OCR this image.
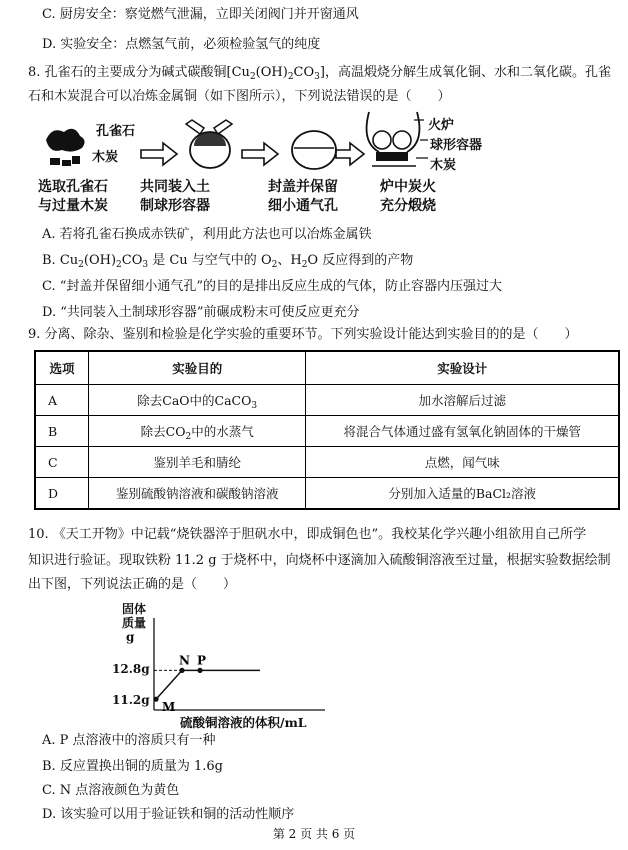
C. 厨房安全：察觉燃气泄漏，立即关闭阀门并开窗通风
D. 实验安全：点燃氢气前，必须检验氢气的纯度
8. 孔雀石的主要成分为碱式碳酸铜$[Cu_2(OH)_2CO_3]$，高温煅烧分解生成氧化铜、水和二氧化碳。孔雀
石和木炭混合可以冶炼金属铜（如下图所示），下列说法错误的是（　　）
孔雀石
木炭
火炉
球形容器
木炭
选取孔雀石
与过量木炭
共同装入土
制球形容器
封盖并保留
细小通气孔
炉中炭火
充分煅烧
A. 若将孔雀石换成赤铁矿，利用此方法也可以冶炼金属铁
B. $Cu_2(OH)_2CO_3$ 是 Cu 与空气中的 $O_2$、$H_2O$ 反应得到的产物
C. “封盖并保留细小通气孔”的目的是排出反应生成的气体，防止容器内压强过大
D. “共同装入土制球形容器”前碾成粉末可使反应更充分
9. 分离、除杂、鉴别和检验是化学实验的重要环节。下列实验设计能达到实验目的的是（　　）
选项	实验目的	实验设计
A	除去CaO中的CaCO$_3$	加水溶解后过滤
B	除去$CO_2$中的水蒸气	将混合气体通过盛有氢氧化钠固体的干燥管
C	鉴别羊毛和腈纶	点燃，闻气味
D	鉴别硫酸钠溶液和碳酸钠溶液	分别加入适量的BaCl₂溶液
10. 《天工开物》中记载“烧铁器淬于胆矾水中，即成铜色也”。我校某化学兴趣小组欲用自己所学
知识进行验证。现取铁粉 11.2 g 于烧杯中，向烧杯中逐滴加入硫酸铜溶液至过量，根据实验数据绘制
出下图，下列说法正确的是（　　）
固体
质量
g
M
N P
12.8g
11.2g
硫酸铜溶液的体积/mL
A. P 点溶液中的溶质只有一种
B. 反应置换出铜的质量为 1.6g
C. N 点溶液颜色为黄色
D. 该实验可以用于验证铁和铜的活动性顺序
第 2 页 共 6 页
